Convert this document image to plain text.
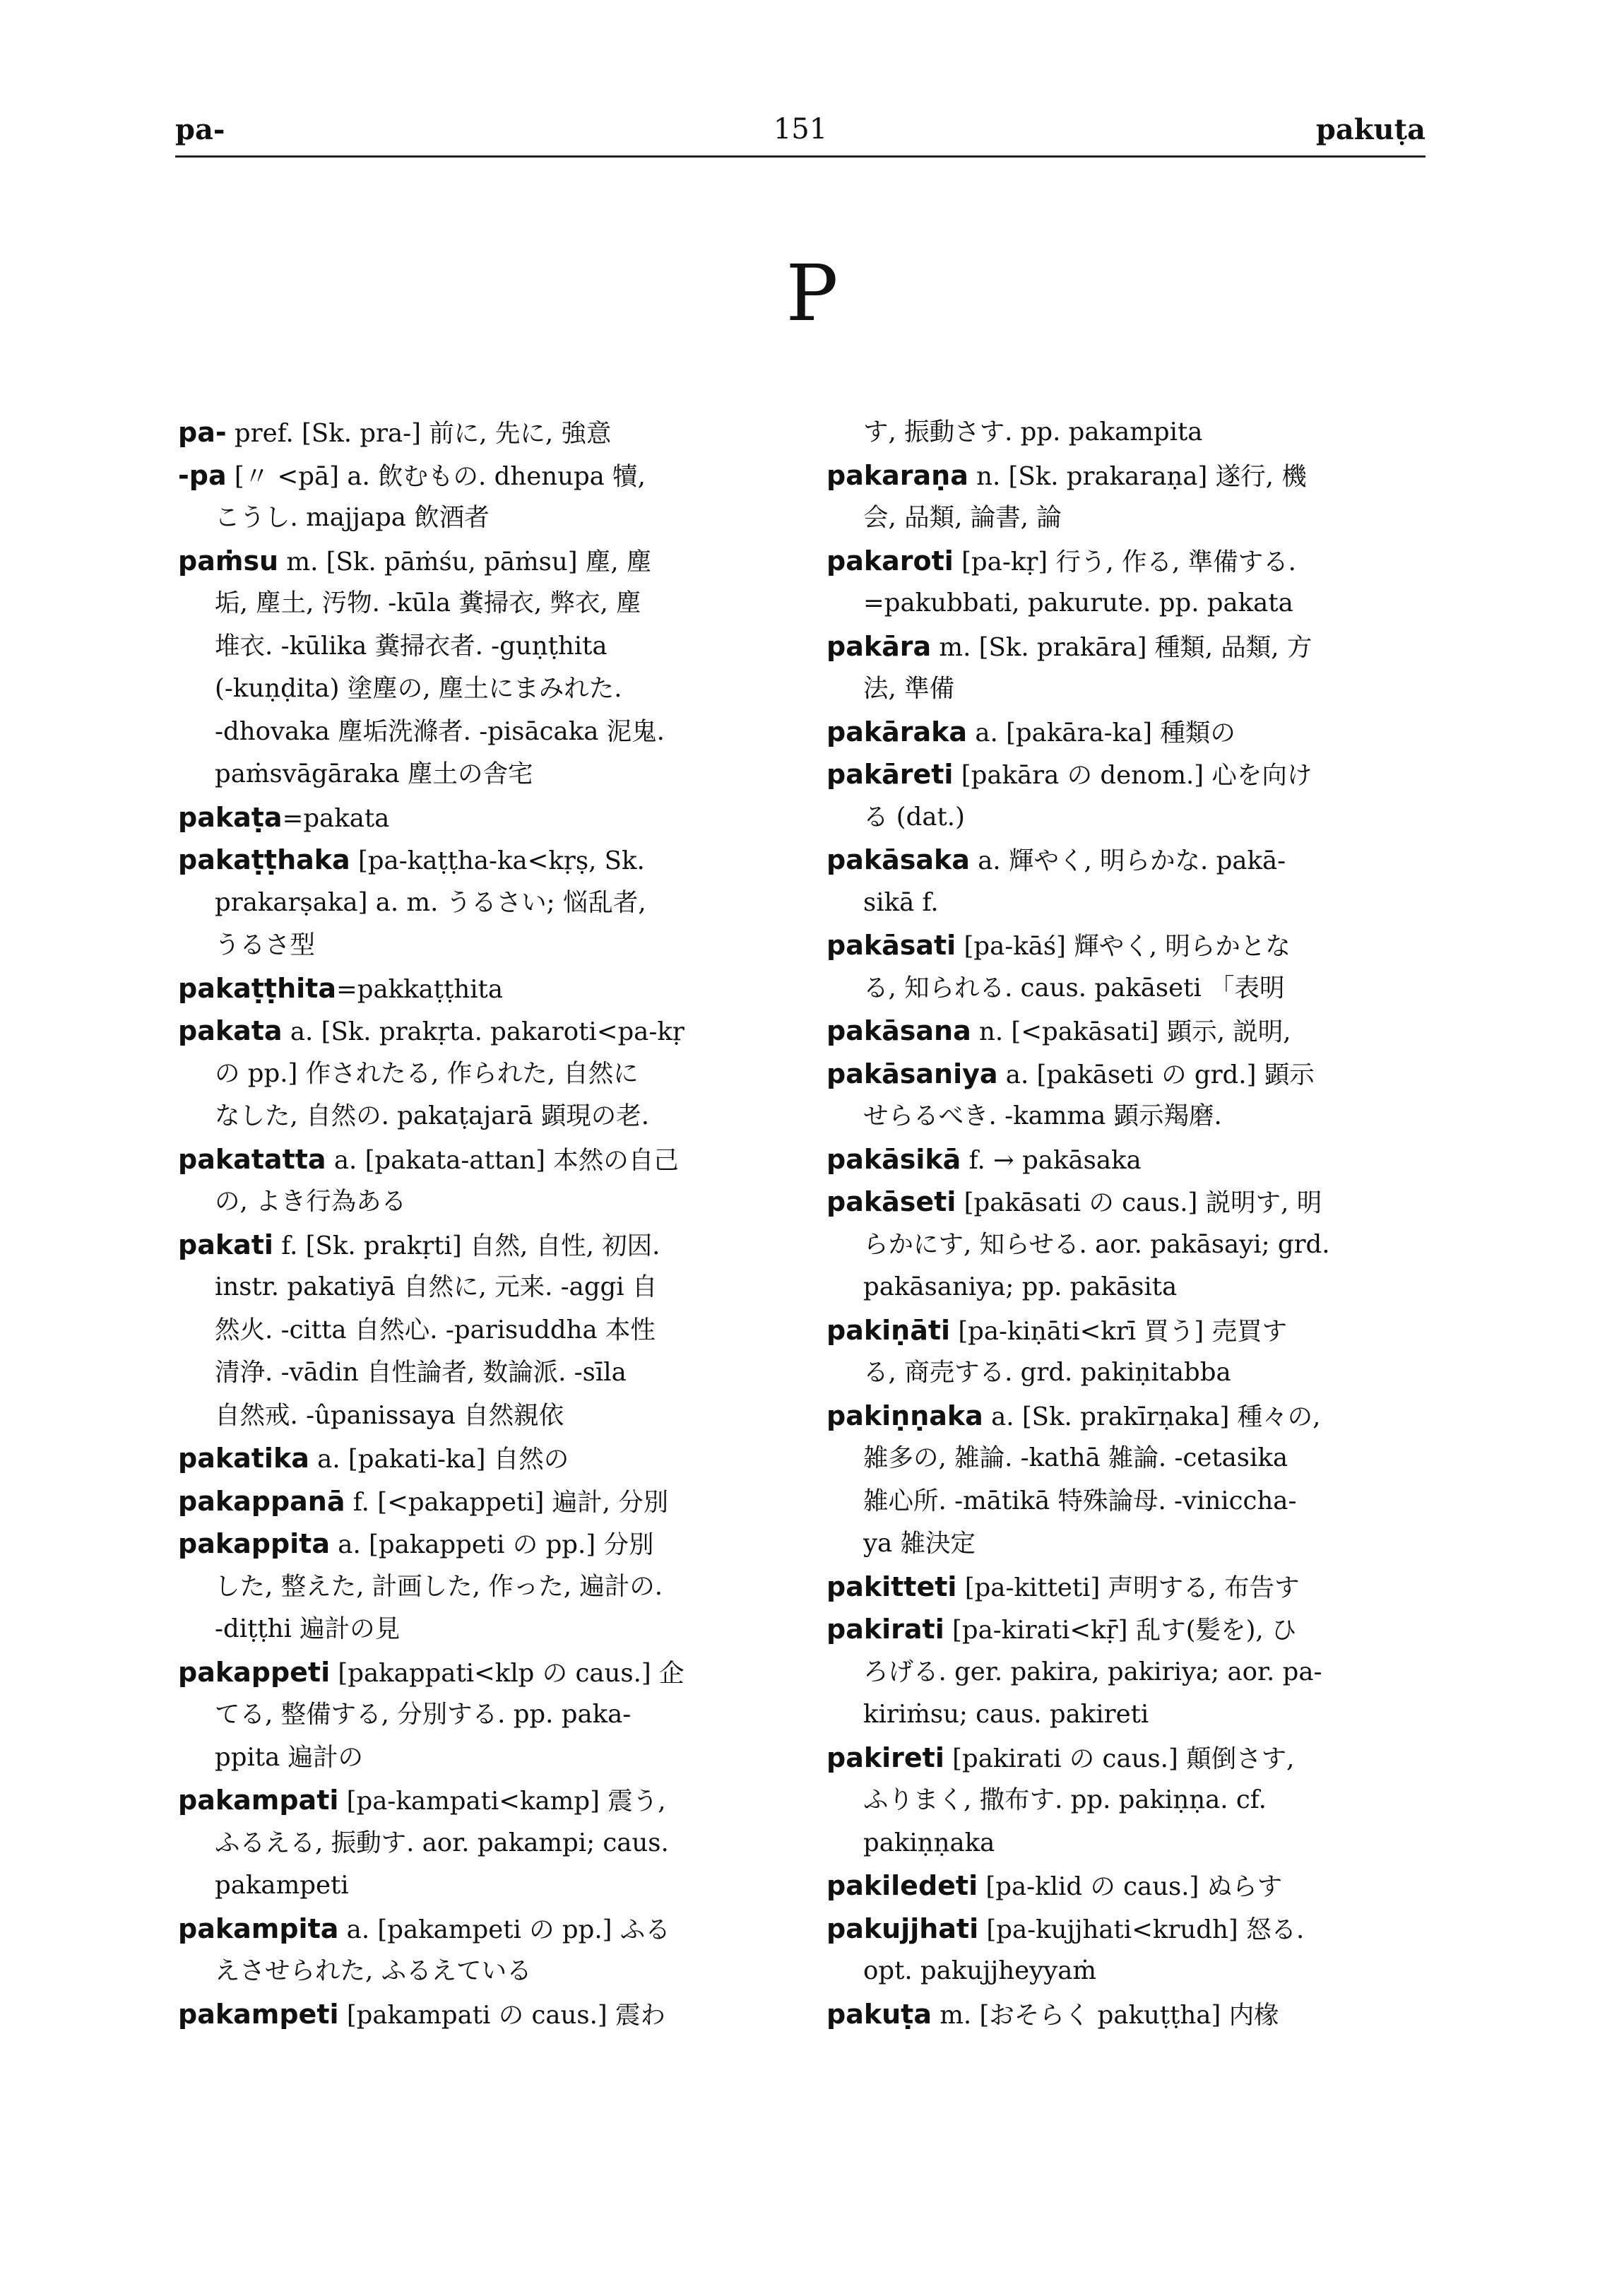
pa-	151	pakuṭa
P
pa- pref. [Sk. pra-] 前に, 先に, 強意
-pa [〃 <pā] a. 飲むもの. dhenupa 犢,
こうし. majjapa 飲酒者
paṁsu m. [Sk. pāṁśu, pāṁsu] 塵, 塵
垢, 塵土, 汚物. -kūla 糞掃衣, 弊衣, 塵
堆衣. -kūlika 糞掃衣者. -guṇṭhita
(-kuṇḍita) 塗塵の, 塵土にまみれた.
-dhovaka 塵垢洗滌者. -pisācaka 泥鬼.
paṁsvāgāraka 塵土の舎宅
pakaṭa=pakata
pakaṭṭhaka [pa-kaṭṭha-ka<kṛṣ, Sk.
prakarṣaka] a. m. うるさい; 悩乱者,
うるさ型
pakaṭṭhita=pakkaṭṭhita
pakata a. [Sk. prakṛta. pakaroti<pa-kṛ
の pp.] 作されたる, 作られた, 自然に
なした, 自然の. pakaṭajarā 顕現の老.
pakatatta a. [pakata-attan] 本然の自己
の, よき行為ある
pakati f. [Sk. prakṛti] 自然, 自性, 初因.
instr. pakatiyā 自然に, 元来. -aggi 自
然火. -citta 自然心. -parisuddha 本性
清浄. -vādin 自性論者, 数論派. -sīla
自然戒. -ûpanissaya 自然親依
pakatika a. [pakati-ka] 自然の
pakappanā f. [<pakappeti] 遍計, 分別
pakappita a. [pakappeti の pp.] 分別
した, 整えた, 計画した, 作った, 遍計の.
-diṭṭhi 遍計の見
pakappeti [pakappati<klp の caus.] 企
てる, 整備する, 分別する. pp. paka-
ppita 遍計の
pakampati [pa-kampati<kamp] 震う,
ふるえる, 振動す. aor. pakampi; caus.
pakampeti
pakampita a. [pakampeti の pp.] ふる
えさせられた, ふるえている
pakampeti [pakampati の caus.] 震わ
す, 振動さす. pp. pakampita
pakaraṇa n. [Sk. prakaraṇa] 遂行, 機
会, 品類, 論書, 論
pakaroti [pa-kṛ] 行う, 作る, 準備する.
=pakubbati, pakurute. pp. pakata
pakāra m. [Sk. prakāra] 種類, 品類, 方
法, 準備
pakāraka a. [pakāra-ka] 種類の
pakāreti [pakāra の denom.] 心を向け
る (dat.)
pakāsaka a. 輝やく, 明らかな. pakā-
sikā f.
pakāsati [pa-kāś] 輝やく, 明らかとな
る, 知られる. caus. pakāseti 「表明
pakāsana n. [<pakāsati] 顕示, 説明,
pakāsaniya a. [pakāseti の grd.] 顕示
せらるべき. -kamma 顕示羯磨.
pakāsikā f. → pakāsaka
pakāseti [pakāsati の caus.] 説明す, 明
らかにす, 知らせる. aor. pakāsayi; grd.
pakāsaniya; pp. pakāsita
pakiṇāti [pa-kiṇāti<krī 買う] 売買す
る, 商売する. grd. pakiṇitabba
pakiṇṇaka a. [Sk. prakīrṇaka] 種々の,
雑多の, 雑論. -kathā 雑論. -cetasika
雑心所. -mātikā 特殊論母. -viniccha-
ya 雑決定
pakitteti [pa-kitteti] 声明する, 布告す
pakirati [pa-kirati<kṝ] 乱す(髪を), ひ
ろげる. ger. pakira, pakiriya; aor. pa-
kiriṁsu; caus. pakireti
pakireti [pakirati の caus.] 顛倒さす,
ふりまく, 撒布す. pp. pakiṇṇa. cf.
pakiṇṇaka
pakiledeti [pa-klid の caus.] ぬらす
pakujjhati [pa-kujjhati<krudh] 怒る.
opt. pakujjheyyaṁ
pakuṭa m. [おそらく pakuṭṭha] 内椽
